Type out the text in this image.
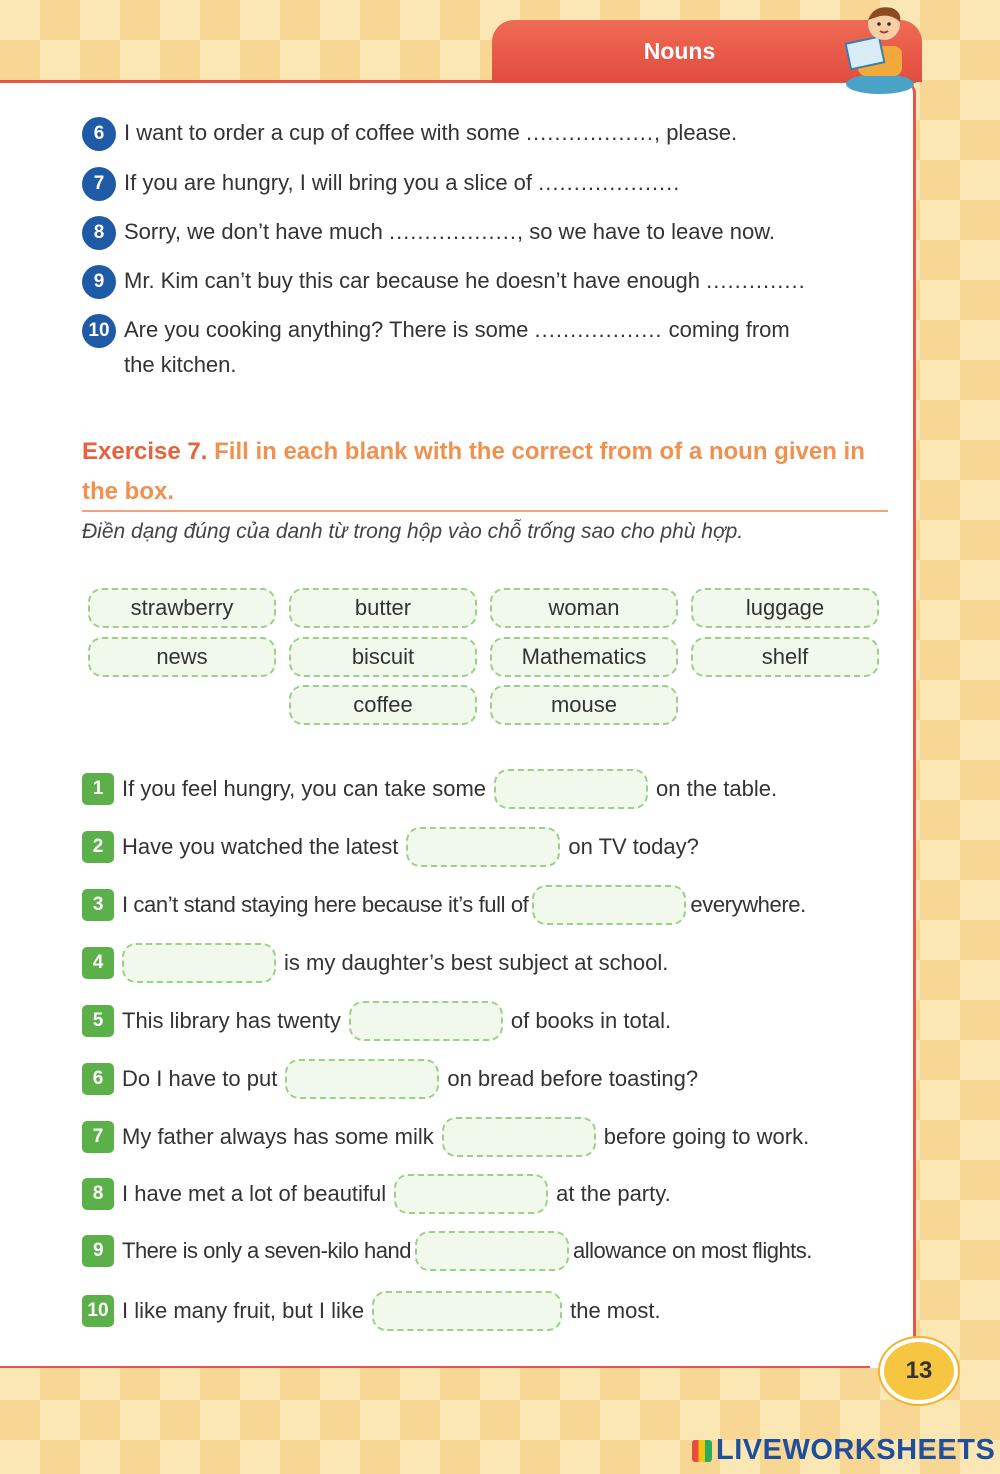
Nouns
6 I want to order a cup of coffee with some .................., please.
7 If you are hungry, I will bring you a slice of ....................
8 Sorry, we don’t have much .................., so we have to leave now.
9 Mr. Kim can’t buy this car because he doesn’t have enough ..............
10 Are you cooking anything? There is some .................. coming from
the kitchen.
Exercise 7. Fill in each blank with the correct from of a noun given in the box.
Điền dạng đúng của danh từ trong hộp vào chỗ trống sao cho phù hợp.
strawberry	butter	woman	luggage
news	biscuit	Mathematics	shelf
coffee	mouse
1 If you feel hungry, you can take some	on the table.
2 Have you watched the latest	on TV today?
3 I can’t stand staying here because it’s full of	everywhere.
4	is my daughter’s best subject at school.
5 This library has twenty	of books in total.
6 Do I have to put	on bread before toasting?
7 My father always has some milk	before going to work.
8 I have met a lot of beautiful	at the party.
9 There is only a seven-kilo hand	allowance on most flights.
10 I like many fruit, but I like	the most.
13
LIVEWORKSHEETS
